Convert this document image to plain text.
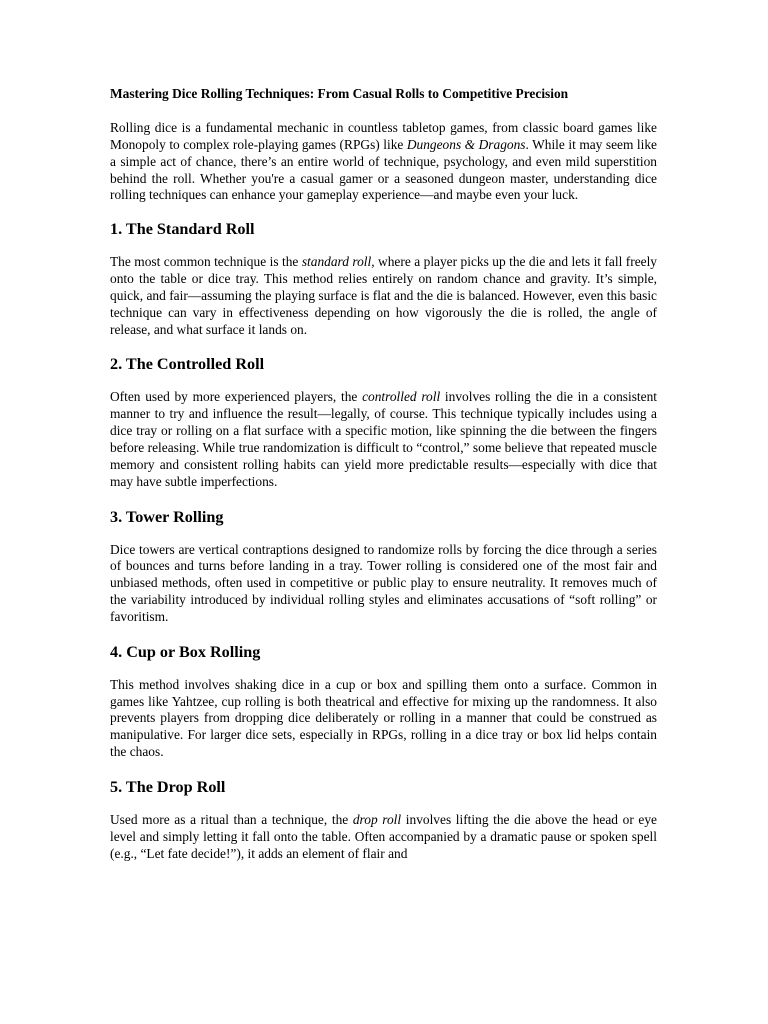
Mastering Dice Rolling Techniques: From Casual Rolls to Competitive Precision

Rolling dice is a fundamental mechanic in countless tabletop games, from classic board games like Monopoly to complex role-playing games (RPGs) like Dungeons & Dragons. While it may seem like a simple act of chance, there’s an entire world of technique, psychology, and even mild superstition behind the roll. Whether you're a casual gamer or a seasoned dungeon master, understanding dice rolling techniques can enhance your gameplay experience—and maybe even your luck.

1. The Standard Roll

The most common technique is the standard roll, where a player picks up the die and lets it fall freely onto the table or dice tray. This method relies entirely on random chance and gravity. It’s simple, quick, and fair—assuming the playing surface is flat and the die is balanced. However, even this basic technique can vary in effectiveness depending on how vigorously the die is rolled, the angle of release, and what surface it lands on.

2. The Controlled Roll

Often used by more experienced players, the controlled roll involves rolling the die in a consistent manner to try and influence the result—legally, of course. This technique typically includes using a dice tray or rolling on a flat surface with a specific motion, like spinning the die between the fingers before releasing. While true randomization is difficult to “control,” some believe that repeated muscle memory and consistent rolling habits can yield more predictable results—especially with dice that may have subtle imperfections.

3. Tower Rolling

Dice towers are vertical contraptions designed to randomize rolls by forcing the dice through a series of bounces and turns before landing in a tray. Tower rolling is considered one of the most fair and unbiased methods, often used in competitive or public play to ensure neutrality. It removes much of the variability introduced by individual rolling styles and eliminates accusations of “soft rolling” or favoritism.

4. Cup or Box Rolling

This method involves shaking dice in a cup or box and spilling them onto a surface. Common in games like Yahtzee, cup rolling is both theatrical and effective for mixing up the randomness. It also prevents players from dropping dice deliberately or rolling in a manner that could be construed as manipulative. For larger dice sets, especially in RPGs, rolling in a dice tray or box lid helps contain the chaos.

5. The Drop Roll

Used more as a ritual than a technique, the drop roll involves lifting the die above the head or eye level and simply letting it fall onto the table. Often accompanied by a dramatic pause or spoken spell (e.g., “Let fate decide!”), it adds an element of flair and
